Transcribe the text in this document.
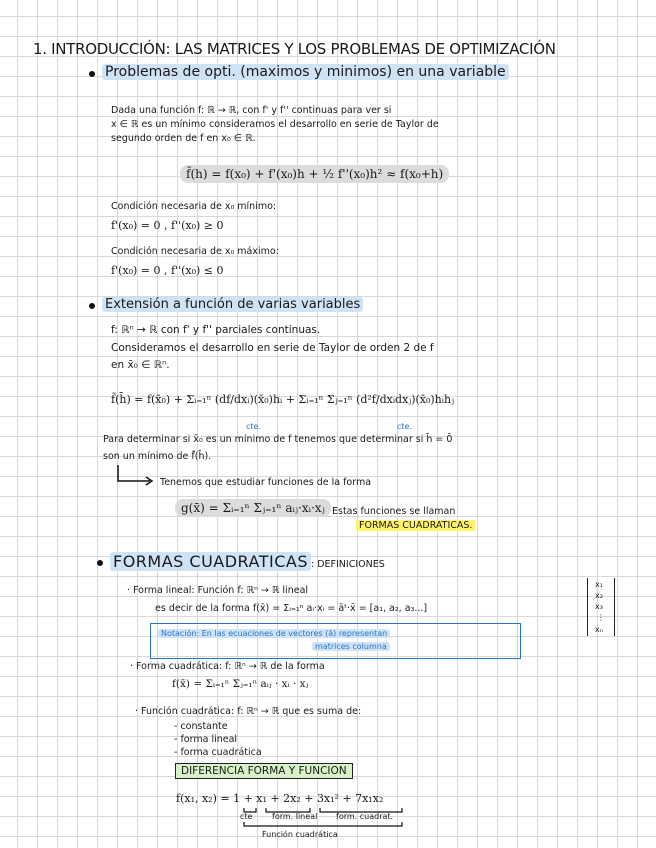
1. INTRODUCCIÓN: LAS MATRICES Y LOS PROBLEMAS DE OPTIMIZACIÓN
Problemas de opti. (maximos y minimos) en una variable
Dada una función f: ℝ → ℝ, con f' y f'' continuas para ver si
x ∈ ℝ es un mínimo consideramos el desarrollo en serie de Taylor de
segundo orden de f en x₀ ∈ ℝ.
f̃(h) = f(x₀) + f'(x₀)h + ½ f''(x₀)h² ≈ f(x₀+h)
Condición necesaria de x₀ mínimo:
f'(x₀) = 0 , f''(x₀) ≥ 0
Condición necesaria de x₀ máximo:
f'(x₀) = 0 , f''(x₀) ≤ 0
Extensión a función de varias variables
f: ℝⁿ → ℝ con f' y f'' parciales continuas.
Consideramos el desarrollo en serie de Taylor de orden 2 de f
en x̄₀ ∈ ℝⁿ.
f̃(h̄) = f(x̄₀) + Σᵢ₌₁ⁿ (df/dxᵢ)(x̄₀)hᵢ + Σᵢ₌₁ⁿ Σⱼ₌₁ⁿ (d²f/dxᵢdxⱼ)(x̄₀)hᵢhⱼ
cte.	cte.
Para determinar si x̄₀ es un mínimo de f tenemos que determinar si h̄ = 0̄
son un mínimo de f̃(h̄).
Tenemos que estudiar funciones de la forma
g(x̄) = Σᵢ₌₁ⁿ Σⱼ₌₁ⁿ aᵢⱼ·xᵢ·xⱼ Estas funciones se llaman
FORMAS CUADRATICAS.
FORMAS CUADRATICAS : DEFINICIONES
· Forma lineal: Función f: ℝⁿ → ℝ lineal
es decir de la forma f(x̄) = Σᵢ₌₁ⁿ aᵢ·xᵢ = āᵗ·x̄ = [a₁, a₂, a₃...]
x₁
x₂
x₃
⋮
xₙ
Notación: En las ecuaciones de vectores (ā) representan
matrices columna
· Forma cuadrática: f: ℝⁿ → ℝ de la forma
f(x̄) = Σᵢ₌₁ⁿ Σⱼ₌₁ⁿ aᵢⱼ · xᵢ · xⱼ
· Función cuadrática: f: ℝⁿ → ℝ que es suma de:
- constante
- forma lineal
- forma cuadrática
DIFERENCIA FORMA Y FUNCION
f(x₁, x₂) = 1 + x₁ + 2x₂ + 3x₁² + 7x₁x₂
cte form. lineal form. cuadrat.
Función cuadrática
